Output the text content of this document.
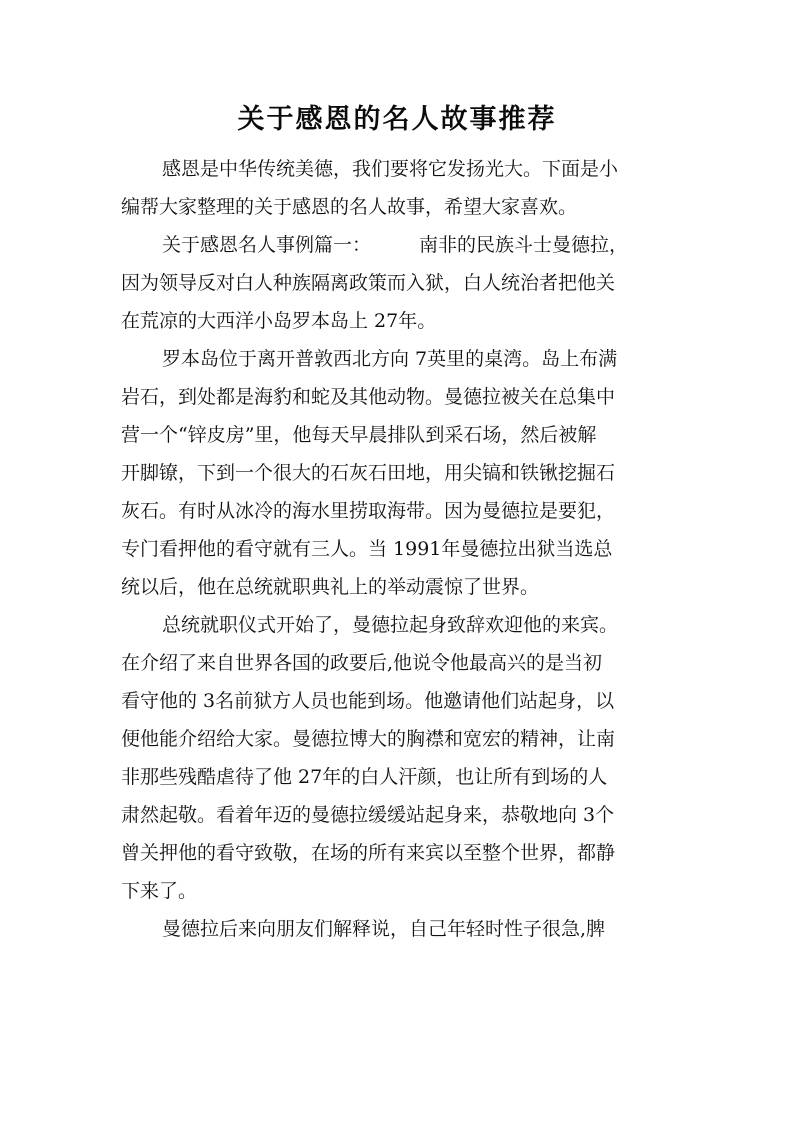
关于感恩的名人故事推荐
感恩是中华传统美德，我们要将它发扬光大。下面是小
编帮大家整理的关于感恩的名人故事，希望大家喜欢。
关于感恩名人事例篇一：	南非的民族斗士曼德拉，
因为领导反对白人种族隔离政策而入狱，白人统治者把他关
在荒凉的大西洋小岛罗本岛上 27年。
罗本岛位于离开普敦西北方向 7英里的桌湾。岛上布满
岩石，到处都是海豹和蛇及其他动物。曼德拉被关在总集中
营一个“锌皮房”里，他每天早晨排队到采石场，然后被解
开脚镣，下到一个很大的石灰石田地，用尖镐和铁锹挖掘石
灰石。有时从冰冷的海水里捞取海带。因为曼德拉是要犯，
专门看押他的看守就有三人。当 1991年曼德拉出狱当选总
统以后，他在总统就职典礼上的举动震惊了世界。
总统就职仪式开始了，曼德拉起身致辞欢迎他的来宾。
在介绍了来自世界各国的政要后,他说令他最高兴的是当初
看守他的 3名前狱方人员也能到场。他邀请他们站起身，以
便他能介绍给大家。曼德拉博大的胸襟和宽宏的精神，让南
非那些残酷虐待了他 27年的白人汗颜，也让所有到场的人
肃然起敬。看着年迈的曼德拉缓缓站起身来，恭敬地向 3个
曾关押他的看守致敬，在场的所有来宾以至整个世界，都静
下来了。
曼德拉后来向朋友们解释说，自己年轻时性子很急,脾
